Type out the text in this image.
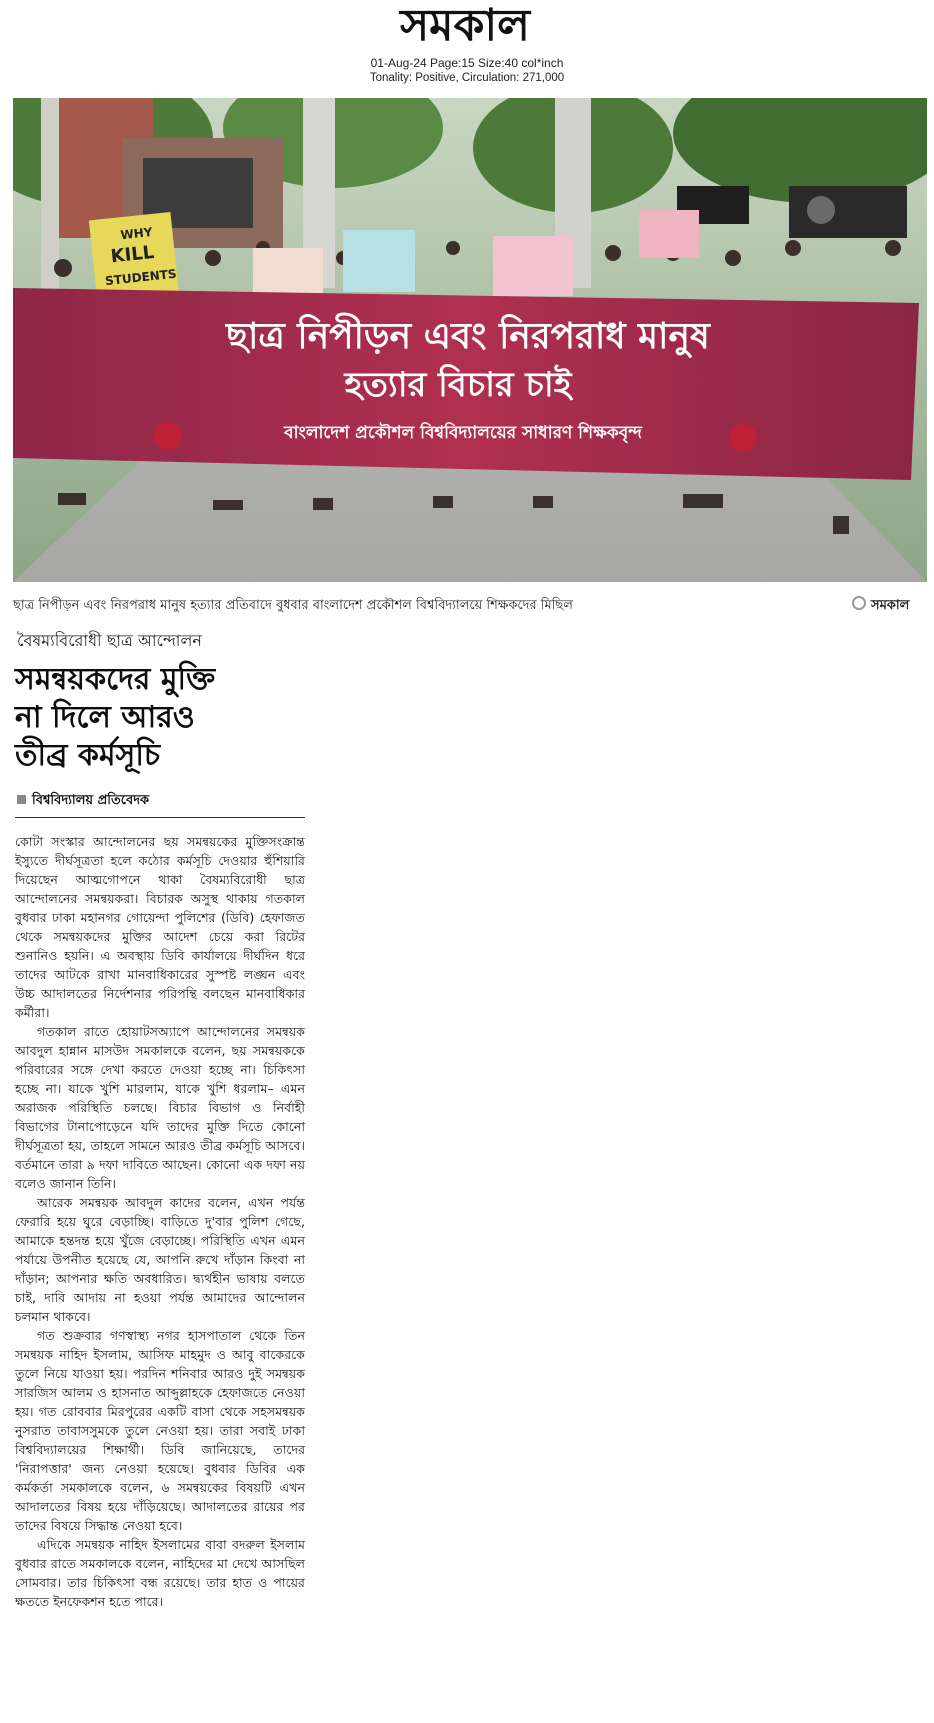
সমকাল
01-Aug-24 Page:15 Size:40 col*inch
Tonality: Positive, Circulation: 271,000
WHY
KILL
STUDENTS
ছাত্র নিপীড়ন এবং নিরপরাধ মানুষ
হত্যার বিচার চাই
বাংলাদেশ প্রকৌশল বিশ্ববিদ্যালয়ের সাধারণ শিক্ষকবৃন্দ
ছাত্র নিপীড়ন এবং নিরপরাধ মানুষ হত্যার প্রতিবাদে বুধবার বাংলাদেশ প্রকৌশল বিশ্ববিদ্যালয়ে শিক্ষকদের মিছিল	সমকাল
বৈষম্যবিরোধী ছাত্র আন্দোলন
সমন্বয়কদের মুক্তি
না দিলে আরও
তীব্র কর্মসূচি
বিশ্ববিদ্যালয় প্রতিবেদক

কোটা সংস্কার আন্দোলনের ছয় সমন্বয়কের মুক্তিসংক্রান্ত ইস্যুতে দীর্ঘসূত্রতা হলে কঠোর কর্মসূচি দেওয়ার হুঁশিয়ারি দিয়েছেন আত্মগোপনে থাকা বৈষম্যবিরোধী ছাত্র আন্দোলনের সমন্বয়করা। বিচারক অসুস্থ থাকায় গতকাল বুধবার ঢাকা মহানগর গোয়েন্দা পুলিশের (ডিবি) হেফাজত থেকে সমন্বয়কদের মুক্তির আদেশ চেয়ে করা রিটের শুনানিও হয়নি। এ অবস্থায় ডিবি কার্যালয়ে দীর্ঘদিন ধরে তাদের আটকে রাখা মানবাধিকারের সুস্পষ্ট লঙ্ঘন এবং উচ্চ আদালতের নির্দেশনার পরিপন্থি বলছেন মানবাধিকার কর্মীরা।

গতকাল রাতে হোয়াটসঅ্যাপে আন্দোলনের সমন্বয়ক আবদুল হান্নান মাসউদ সমকালকে বলেন, ছয় সমন্বয়ককে পরিবারের সঙ্গে দেখা করতে দেওয়া হচ্ছে না। চিকিৎসা হচ্ছে না। যাকে খুশি মারলাম, যাকে খুশি ধরলাম– এমন অরাজক পরিস্থিতি চলছে। বিচার বিভাগ ও নির্বাহী বিভাগের টানাপোড়েনে যদি তাদের মুক্তি দিতে কোনো দীর্ঘসূত্রতা হয়, তাহলে সামনে আরও তীব্র কর্মসূচি আসবে। বর্তমানে তারা ৯ দফা দাবিতে আছেন। কোনো এক দফা নয় বলেও জানান তিনি।

আরেক সমন্বয়ক আবদুল কাদের বলেন, এখন পর্যন্ত ফেরারি হয়ে ঘুরে বেড়াচ্ছি। বাড়িতে দু'বার পুলিশ গেছে, আমাকে হন্তদন্ত হয়ে খুঁজে বেড়াচ্ছে। পরিস্থিতি এখন এমন পর্যায়ে উপনীত হয়েছে যে, আপনি রুখে দাঁড়ান কিংবা না দাঁড়ান; আপনার ক্ষতি অবধারিত। দ্ব্যর্থহীন ভাষায় বলতে চাই, দাবি আদায় না হওয়া পর্যন্ত আমাদের আন্দোলন চলমান থাকবে।

গত শুক্রবার গণস্বাস্থ্য নগর হাসপাতাল থেকে তিন সমন্বয়ক নাহিদ ইসলাম, আসিফ মাহমুদ ও আবু বাকেরকে তুলে নিয়ে যাওয়া হয়। পরদিন শনিবার আরও দুই সমন্বয়ক সারজিস আলম ও হাসনাত আব্দুল্লাহকে হেফাজতে নেওয়া হয়। গত রোববার মিরপুরের একটি বাসা থেকে সহসমন্বয়ক নুসরাত তাবাসসুমকে তুলে নেওয়া হয়। তারা সবাই ঢাকা বিশ্ববিদ্যালয়ের শিক্ষার্থী। ডিবি জানিয়েছে, তাদের 'নিরাপত্তার' জন্য নেওয়া হয়েছে। বুধবার ডিবির এক কর্মকর্তা সমকালকে বলেন, ৬ সমন্বয়কের বিষয়টি এখন আদালতের বিষয় হয়ে দাঁড়িয়েছে। আদালতের রায়ের পর তাদের বিষয়ে সিদ্ধান্ত নেওয়া হবে।

এদিকে সমন্বয়ক নাহিদ ইসলামের বাবা বদরুল ইসলাম বুধবার রাতে সমকালকে বলেন, নাহিদের মা দেখে আসছিল সোমবার। তার চিকিৎসা বন্ধ রয়েছে। তার হাত ও পায়ের ক্ষততে ইনফেকশন হতে পারে।
